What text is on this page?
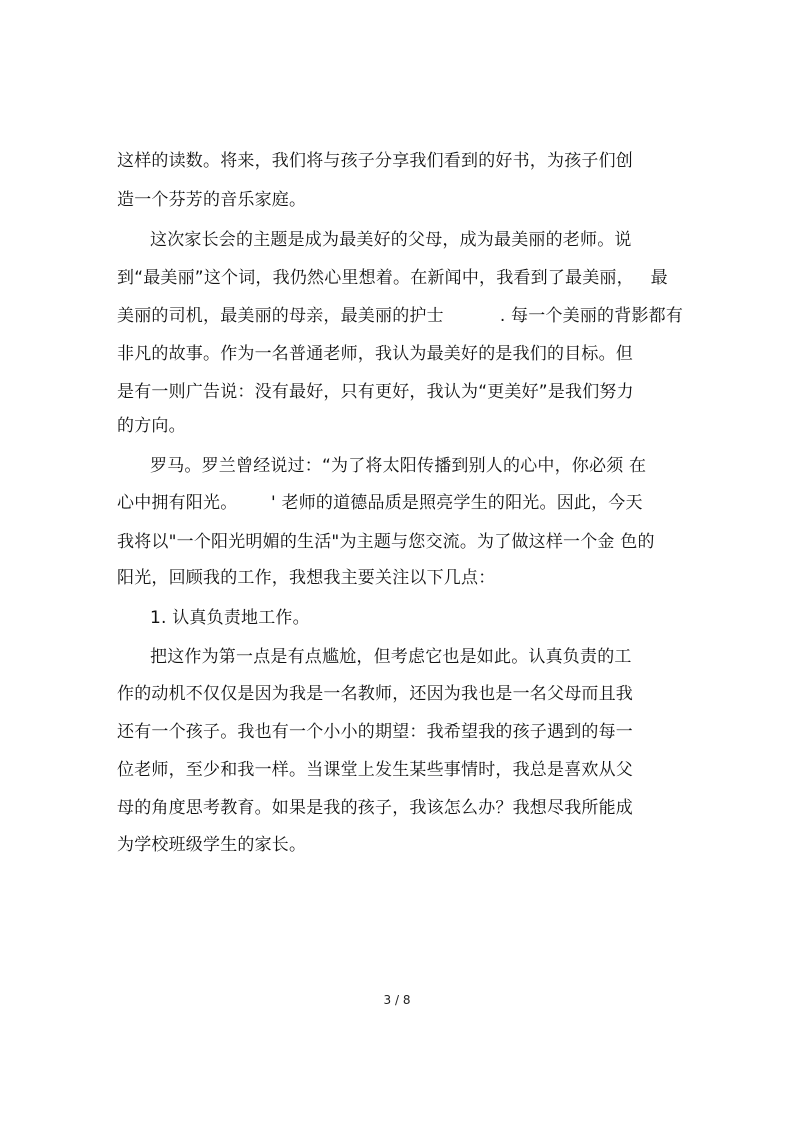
这样的读数。将来，我们将与孩子分享我们看到的好书，为孩子们创
造一个芬芳的音乐家庭。
这次家长会的主题是成为最美好的父母，成为最美丽的老师。说
到“最美丽”这个词，我仍然心里想着。在新闻中，我看到了最美丽，   最
美丽的司机，最美丽的母亲，最美丽的护士          . 每一个美丽的背影都有
非凡的故事。作为一名普通老师，我认为最美好的是我们的目标。但
是有一则广告说：没有最好，只有更好，我认为“更美好”是我们努力
的方向。
罗马。罗兰曾经说过：“为了将太阳传播到别人的心中，你必须 在
心中拥有阳光。      ' 老师的道德品质是照亮学生的阳光。因此，今天
我将以"一个阳光明媚的生活"为主题与您交流。为了做这样一个金 色的
阳光，回顾我的工作，我想我主要关注以下几点：
1. 认真负责地工作。
把这作为第一点是有点尴尬，但考虑它也是如此。认真负责的工
作的动机不仅仅是因为我是一名教师，还因为我也是一名父母而且我
还有一个孩子。我也有一个小小的期望：我希望我的孩子遇到的每一
位老师，至少和我一样。当课堂上发生某些事情时，我总是喜欢从父
母的角度思考教育。如果是我的孩子，我该怎么办？我想尽我所能成
为学校班级学生的家长。
3 / 8
